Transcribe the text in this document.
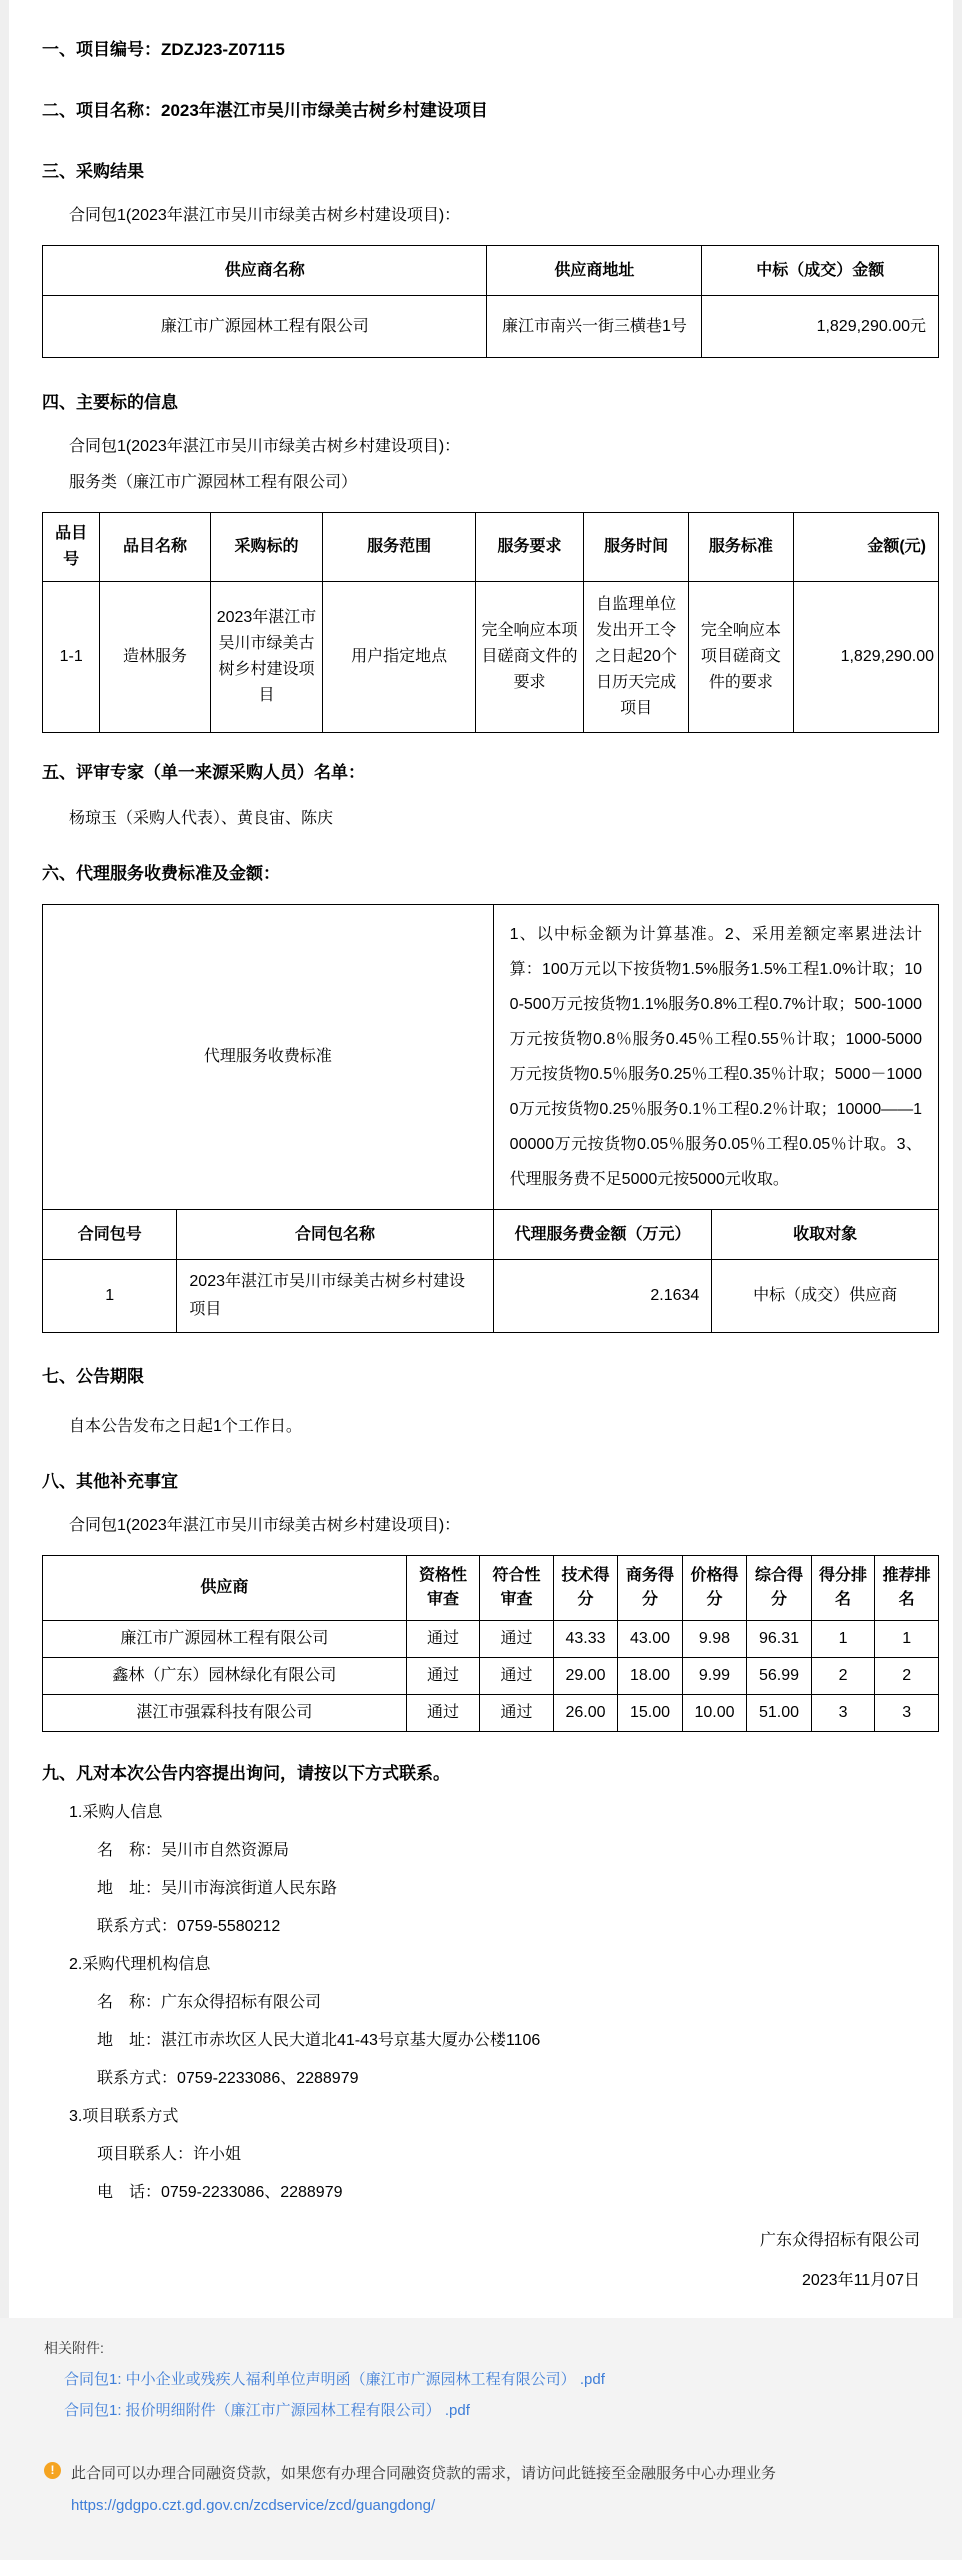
一、项目编号：ZDZJ23-Z07115
二、项目名称：2023年湛江市吴川市绿美古树乡村建设项目
三、采购结果
合同包1(2023年湛江市吴川市绿美古树乡村建设项目)：
供应商名称	供应商地址	中标（成交）金额
廉江市广源园林工程有限公司	廉江市南兴一街三横巷1号	1,829,290.00元
四、主要标的信息
合同包1(2023年湛江市吴川市绿美古树乡村建设项目)：
服务类（廉江市广源园林工程有限公司）
品目号	品目名称	采购标的	服务范围	服务要求	服务时间	服务标准	金额(元)
1-1	造林服务	2023年湛江市吴川市绿美古树乡村建设项目	用户指定地点	完全响应本项目磋商文件的要求	自监理单位发出开工令之日起20个日历天完成项目	完全响应本项目磋商文件的要求	1,829,290.00
五、评审专家（单一来源采购人员）名单：
杨琼玉（采购人代表）、黄良宙、陈庆
六、代理服务收费标准及金额：
代理服务收费标准		1、以中标金额为计算基准。2、采用差额定率累进法计算：100万元以下按货物1.5%服务1.5%工程1.0%计取；100-500万元按货物1.1%服务0.8%工程0.7%计取；500-1000万元按货物0.8％服务0.45％工程0.55％计取；1000-5000万元按货物0.5％服务0.25％工程0.35％计取；5000－10000万元按货物0.25％服务0.1％工程0.2％计取；10000――100000万元按货物0.05％服务0.05％工程0.05％计取。3、代理服务费不足5000元按5000元收取。	
合同包号	合同包名称	代理服务费金额（万元）	收取对象
1	2023年湛江市吴川市绿美古树乡村建设项目	2.1634	中标（成交）供应商
七、公告期限
自本公告发布之日起1个工作日。
八、其他补充事宜
合同包1(2023年湛江市吴川市绿美古树乡村建设项目)：
供应商	资格性审查	符合性审查	技术得分	商务得分	价格得分	综合得分	得分排名	推荐排名
廉江市广源园林工程有限公司	通过	通过	43.33	43.00	9.98	96.31	1	1
鑫林（广东）园林绿化有限公司	通过	通过	29.00	18.00	9.99	56.99	2	2
湛江市强霖科技有限公司	通过	通过	26.00	15.00	10.00	51.00	3	3
九、凡对本次公告内容提出询问，请按以下方式联系。
1.采购人信息
名　称：吴川市自然资源局
地　址：吴川市海滨街道人民东路
联系方式：0759-5580212
2.采购代理机构信息
名　称：广东众得招标有限公司
地　址：湛江市赤坎区人民大道北41-43号京基大厦办公楼1106
联系方式：0759-2233086、2288979
3.项目联系方式
项目联系人：许小姐
电　话：0759-2233086、2288979
广东众得招标有限公司
2023年11月07日
相关附件:
合同包1: 中小企业或残疾人福利单位声明函（廉江市广源园林工程有限公司） .pdf
合同包1: 报价明细附件（廉江市广源园林工程有限公司） .pdf
!	此合同可以办理合同融资贷款，如果您有办理合同融资贷款的需求，请访问此链接至金融服务中心办理业务
https://gdgpo.czt.gd.gov.cn/zcdservice/zcd/guangdong/
